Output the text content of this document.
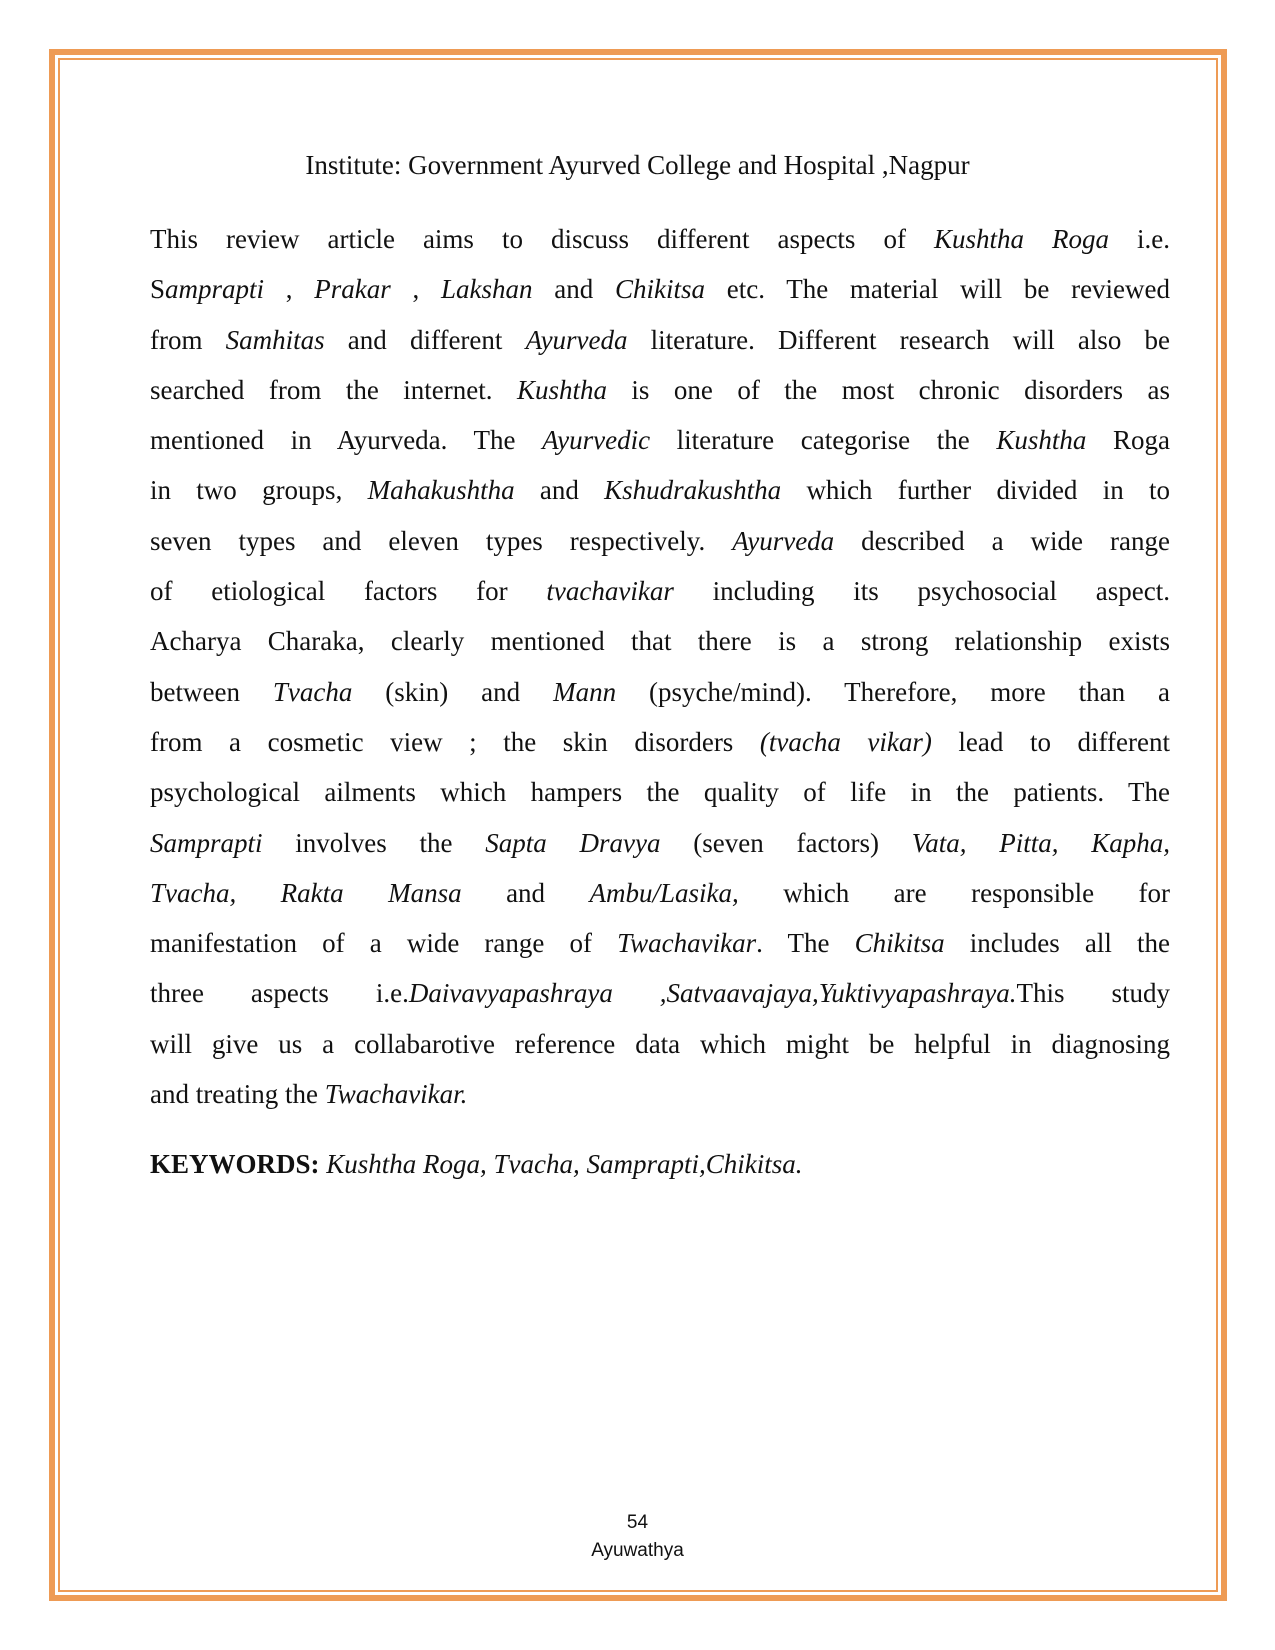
Institute: Government Ayurved College and Hospital ,Nagpur
This review article aims to discuss different aspects of Kushtha Roga i.e.
Samprapti , Prakar , Lakshan and Chikitsa etc. The material will be reviewed
from Samhitas and different Ayurveda literature. Different research will also be
searched from the internet. Kushtha is one of the most chronic disorders as
mentioned in Ayurveda. The Ayurvedic literature categorise the Kushtha Roga
in two groups, Mahakushtha and Kshudrakushtha which further divided in to
seven types and eleven types respectively. Ayurveda described a wide range
of etiological factors for tvachavikar including its psychosocial aspect.
Acharya Charaka, clearly mentioned that there is a strong relationship exists
between Tvacha (skin) and Mann (psyche/mind). Therefore, more than a
from a cosmetic view ; the skin disorders (tvacha vikar) lead to different
psychological ailments which hampers the quality of life in the patients. The
Samprapti involves the Sapta Dravya (seven factors) Vata, Pitta, Kapha,
Tvacha, Rakta Mansa and Ambu/Lasika, which are responsible for
manifestation of a wide range of Twachavikar. The Chikitsa includes all the
three aspects i.e.Daivavyapashraya ,Satvaavajaya,Yuktivyapashraya.This study
will give us a collabarotive reference data which might be helpful in diagnosing
and treating the Twachavikar.
KEYWORDS: Kushtha Roga, Tvacha, Samprapti,Chikitsa.
54
Ayuwathya
